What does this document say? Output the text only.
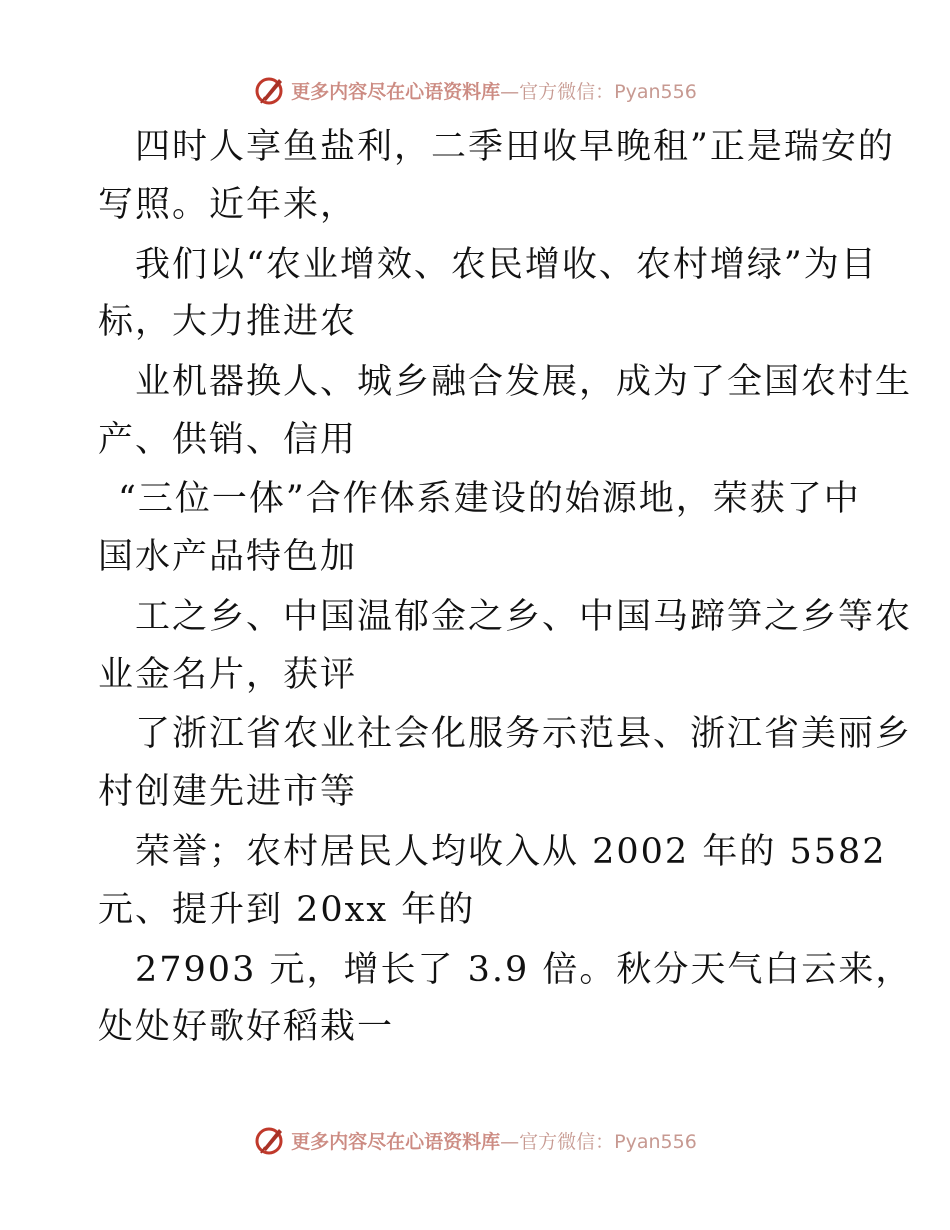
更多内容尽在心语资料库—官方微信：Pyan556
四时人享鱼盐利，二季田收早晚租”正是瑞安的
写照。近年来，
我们以“农业增效、农民增收、农村增绿”为目
标，大力推进农
业机器换人、城乡融合发展，成为了全国农村生
产、供销、信用
“三位一体”合作体系建设的始源地，荣获了中
国水产品特色加
工之乡、中国温郁金之乡、中国马蹄笋之乡等农
业金名片，获评
了浙江省农业社会化服务示范县、浙江省美丽乡
村创建先进市等
荣誉；农村居民人均收入从 2002 年的 5582
元、提升到 20xx 年的
27903 元，增长了 3.9 倍。秋分天气白云来，
处处好歌好稻栽一
更多内容尽在心语资料库—官方微信：Pyan556
